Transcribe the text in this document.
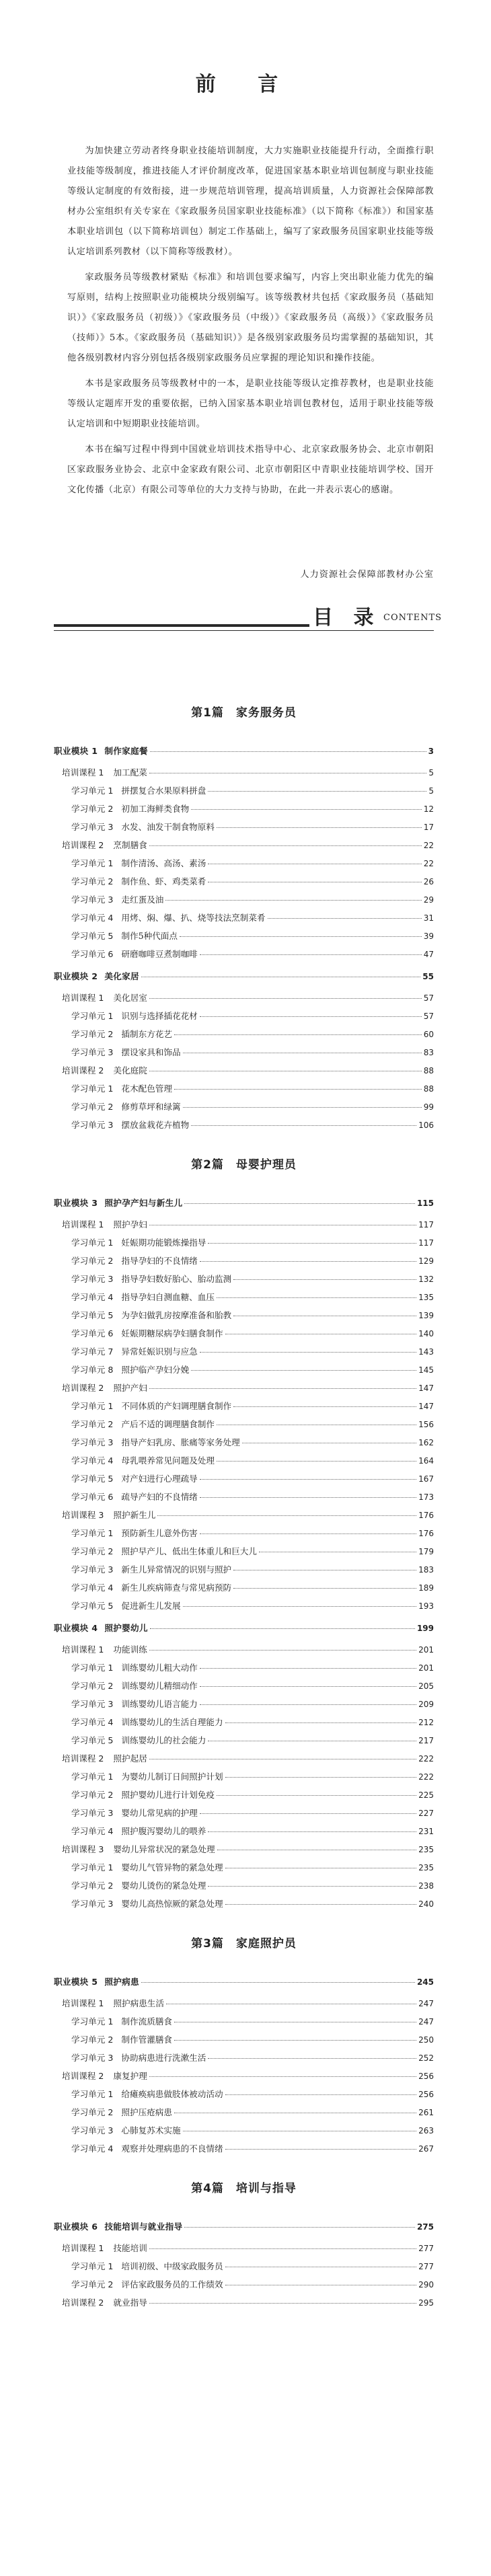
前 言

为加快建立劳动者终身职业技能培训制度，大力实施职业技能提升行动，全面推行职业技能等级制度，推进技能人才评价制度改革，促进国家基本职业培训包制度与职业技能等级认定制度的有效衔接，进一步规范培训管理，提高培训质量，人力资源社会保障部教材办公室组织有关专家在《家政服务员国家职业技能标准》（以下简称《标准》）和国家基本职业培训包（以下简称培训包）制定工作基础上，编写了家政服务员国家职业技能等级认定培训系列教材（以下简称等级教材）。

家政服务员等级教材紧贴《标准》和培训包要求编写，内容上突出职业能力优先的编写原则，结构上按照职业功能模块分级别编写。该等级教材共包括《家政服务员（基础知识）》《家政服务员（初级）》《家政服务员（中级）》《家政服务员（高级）》《家政服务员（技师）》5本。《家政服务员（基础知识）》是各级别家政服务员均需掌握的基础知识，其他各级别教材内容分别包括各级别家政服务员应掌握的理论知识和操作技能。

本书是家政服务员等级教材中的一本，是职业技能等级认定推荐教材，也是职业技能等级认定题库开发的重要依据，已纳入国家基本职业培训包教材包，适用于职业技能等级认定培训和中短期职业技能培训。

本书在编写过程中得到中国就业培训技术指导中心、北京家政服务协会、北京市朝阳区家政服务业协会、北京中金家政有限公司、北京市朝阳区中青职业技能培训学校、国开文化传播（北京）有限公司等单位的大力支持与协助，在此一并表示衷心的感谢。

人力资源社会保障部教材办公室
目 录 CONTENTS
第1篇　家务服务员
职业模块 1 制作家庭餐	3
培训课程 1 加工配菜	5
学习单元 1 拼摆复合水果原料拼盘	5
学习单元 2 初加工海鲜类食物	12
学习单元 3 水发、油发干制食物原料	17
培训课程 2 烹制膳食	22
学习单元 1 制作清汤、高汤、素汤	22
学习单元 2 制作鱼、虾、鸡类菜肴	26
学习单元 3 走红蛋及油	29
学习单元 4 用烤、焖、爆、扒、烧等技法烹制菜肴	31
学习单元 5 制作5种代面点	39
学习单元 6 研磨咖啡豆煮制咖啡	47
职业模块 2 美化家居	55
培训课程 1 美化居室	57
学习单元 1 识别与选择插花花材	57
学习单元 2 插制东方花艺	60
学习单元 3 摆设家具和饰品	83
培训课程 2 美化庭院	88
学习单元 1 花木配色管理	88
学习单元 2 修剪草坪和绿篱	99
学习单元 3 摆放盆栽花卉植物	106
第2篇　母婴护理员
职业模块 3 照护孕产妇与新生儿	115
培训课程 1 照护孕妇	117
学习单元 1 妊娠期功能锻炼操指导	117
学习单元 2 指导孕妇的不良情绪	129
学习单元 3 指导孕妇数好胎心、胎动监测	132
学习单元 4 指导孕妇自测血糖、血压	135
学习单元 5 为孕妇做乳房按摩准备和胎教	139
学习单元 6 妊娠期糖尿病孕妇膳食制作	140
学习单元 7 异常妊娠识别与应急	143
学习单元 8 照护临产孕妇分娩	145
培训课程 2 照护产妇	147
学习单元 1 不同体质的产妇调理膳食制作	147
学习单元 2 产后不适的调理膳食制作	156
学习单元 3 指导产妇乳房、胀痛等家务处理	162
学习单元 4 母乳喂养常见问题及处理	164
学习单元 5 对产妇进行心理疏导	167
学习单元 6 疏导产妇的不良情绪	173
培训课程 3 照护新生儿	176
学习单元 1 预防新生儿意外伤害	176
学习单元 2 照护早产儿、低出生体重儿和巨大儿	179
学习单元 3 新生儿异常情况的识别与照护	183
学习单元 4 新生儿疾病筛查与常见病预防	189
学习单元 5 促进新生儿发展	193
职业模块 4 照护婴幼儿	199
培训课程 1 功能训练	201
学习单元 1 训练婴幼儿粗大动作	201
学习单元 2 训练婴幼儿精细动作	205
学习单元 3 训练婴幼儿语言能力	209
学习单元 4 训练婴幼儿的生活自理能力	212
学习单元 5 训练婴幼儿的社会能力	217
培训课程 2 照护起居	222
学习单元 1 为婴幼儿制订日间照护计划	222
学习单元 2 照护婴幼儿进行计划免疫	225
学习单元 3 婴幼儿常见病的护理	227
学习单元 4 照护腹泻婴幼儿的喂养	231
培训课程 3 婴幼儿异常状况的紧急处理	235
学习单元 1 婴幼儿气管异物的紧急处理	235
学习单元 2 婴幼儿烫伤的紧急处理	238
学习单元 3 婴幼儿高热惊厥的紧急处理	240
第3篇　家庭照护员
职业模块 5 照护病患	245
培训课程 1 照护病患生活	247
学习单元 1 制作流质膳食	247
学习单元 2 制作管灌膳食	250
学习单元 3 协助病患进行洗漱生活	252
培训课程 2 康复护理	256
学习单元 1 给瘫痪病患做肢体被动活动	256
学习单元 2 照护压疮病患	261
学习单元 3 心肺复苏术实施	263
学习单元 4 观察并处理病患的不良情绪	267
第4篇　培训与指导
职业模块 6 技能培训与就业指导	275
培训课程 1 技能培训	277
学习单元 1 培训初级、中级家政服务员	277
学习单元 2 评估家政服务员的工作绩效	290
培训课程 2 就业指导	295
